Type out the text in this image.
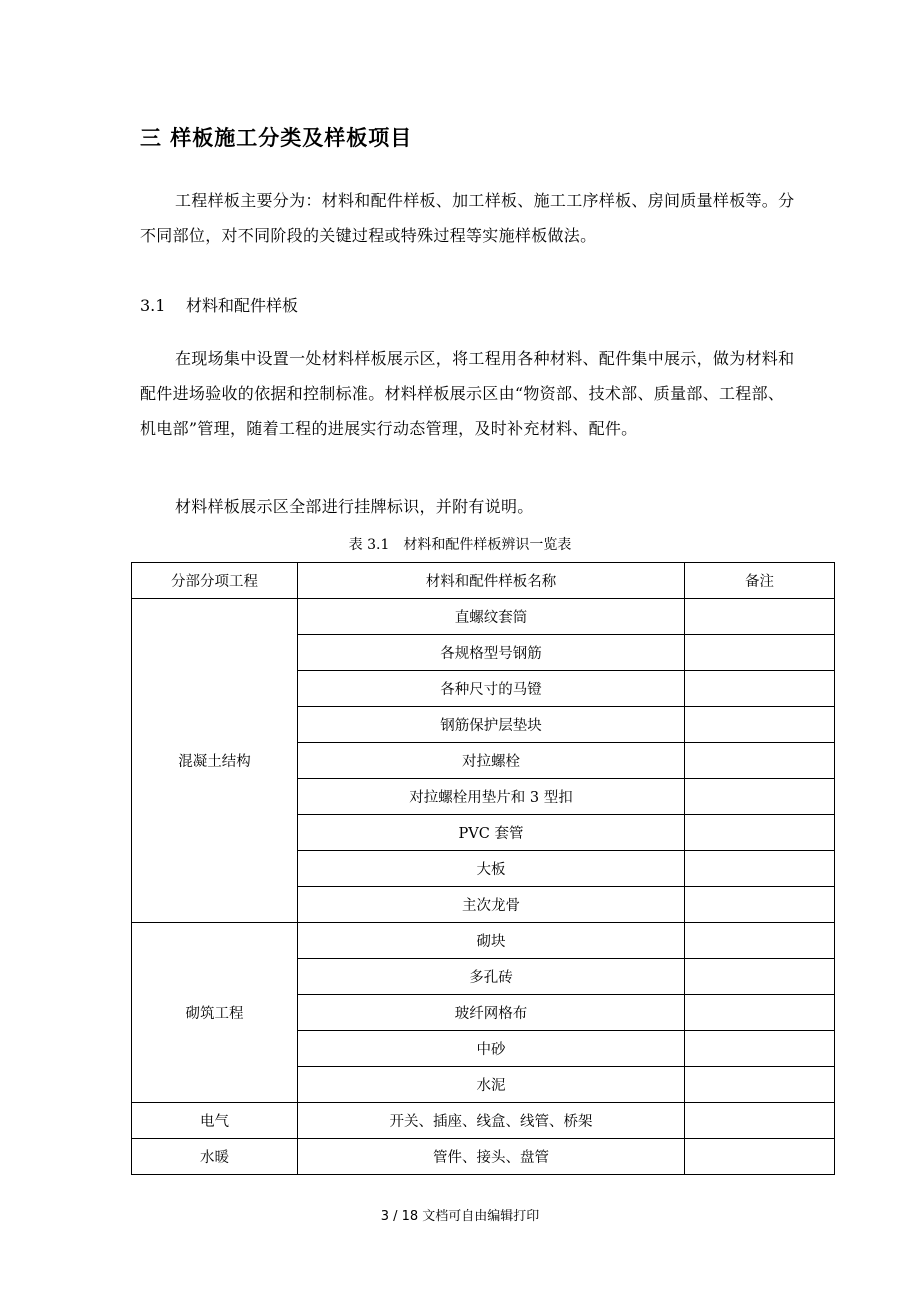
三 样板施工分类及样板项目
工程样板主要分为：材料和配件样板、加工样板、施工工序样板、房间质量样板等。分不同部位，对不同阶段的关键过程或特殊过程等实施样板做法。
3.1 材料和配件样板
在现场集中设置一处材料样板展示区，将工程用各种材料、配件集中展示，做为材料和配件进场验收的依据和控制标准。材料样板展示区由“物资部、技术部、质量部、工程部、机电部”管理，随着工程的进展实行动态管理，及时补充材料、配件。
材料样板展示区全部进行挂牌标识，并附有说明。
表 3.1 材料和配件样板辨识一览表
分部分项工程	材料和配件样板名称	备注
混凝土结构	直螺纹套筒	
	各规格型号钢筋	
	各种尺寸的马镫	
	钢筋保护层垫块	
	对拉螺栓	
	对拉螺栓用垫片和 3 型扣	
	PVC 套管	
	大板	
	主次龙骨	
砌筑工程	砌块	
	多孔砖	
	玻纤网格布	
	中砂	
	水泥	
电气	开关、插座、线盒、线管、桥架	
水暖	管件、接头、盘管	
3 / 18 文档可自由编辑打印
